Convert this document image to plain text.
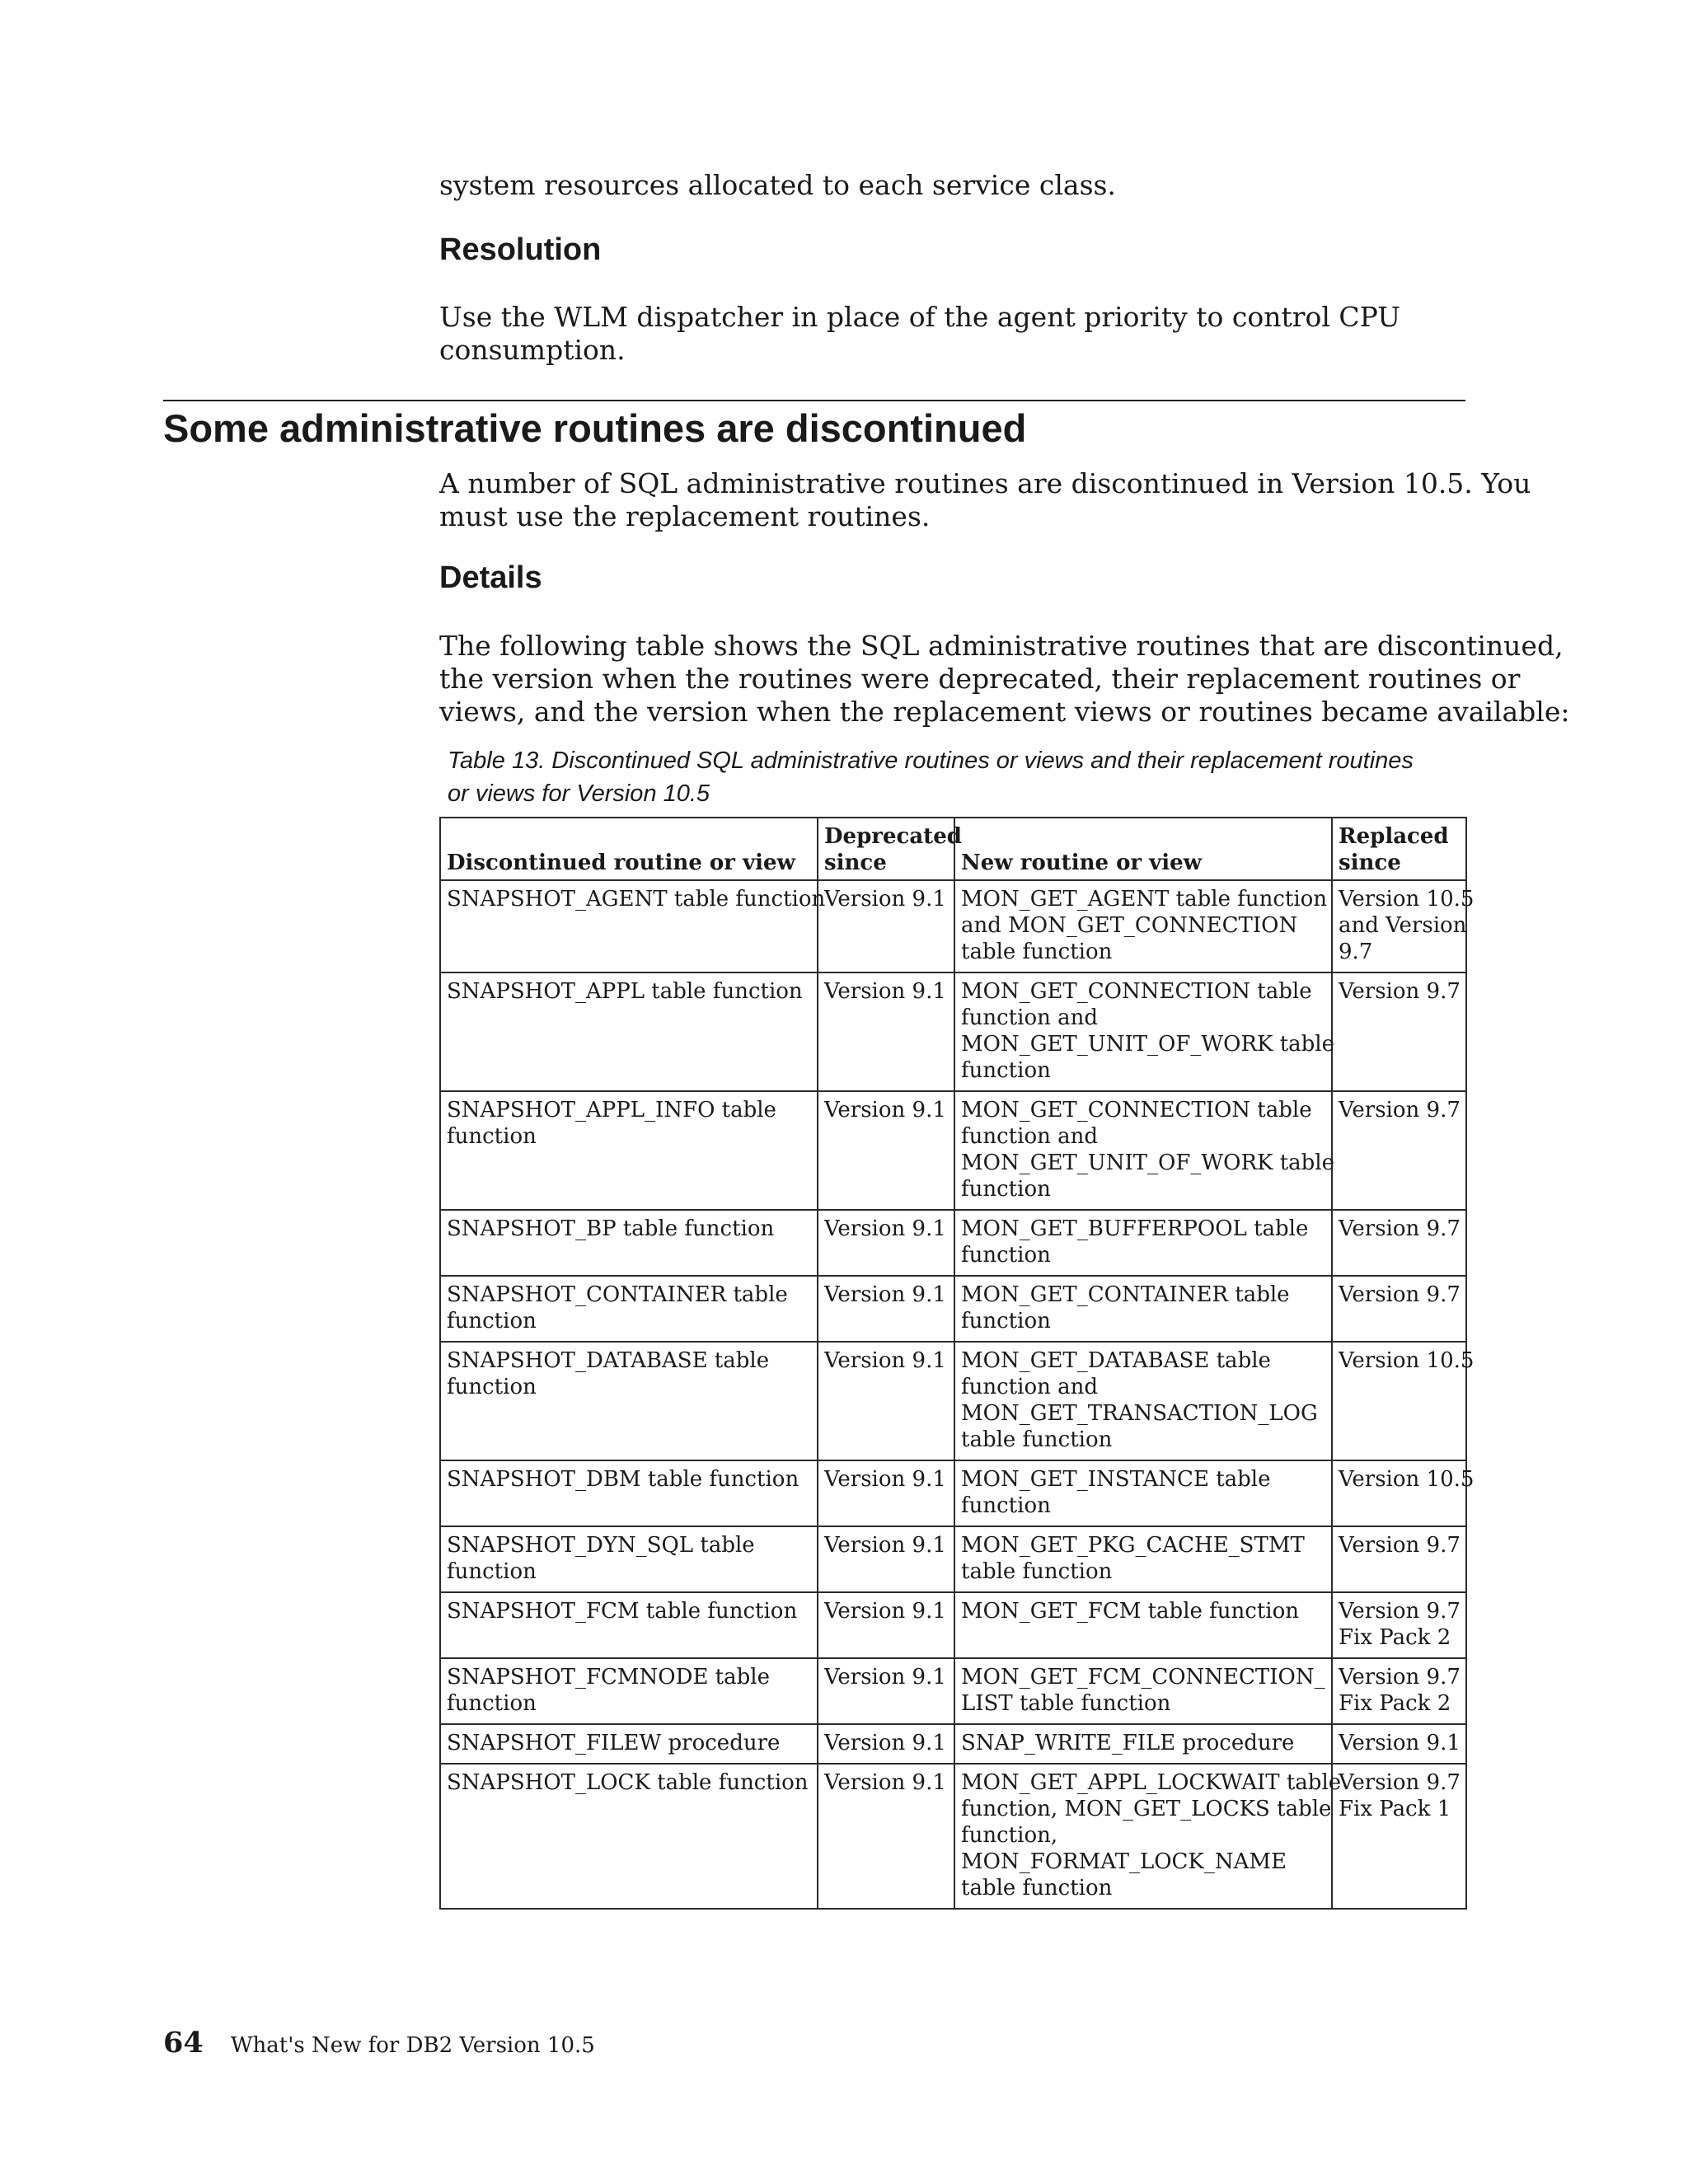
system resources allocated to each service class.

Resolution

Use the WLM dispatcher in place of the agent priority to control CPU
consumption.

Some administrative routines are discontinued

A number of SQL administrative routines are discontinued in Version 10.5. You
must use the replacement routines.

Details

The following table shows the SQL administrative routines that are discontinued,
the version when the routines were deprecated, their replacement routines or
views, and the version when the replacement views or routines became available:

Table 13. Discontinued SQL administrative routines or views and their replacement routines
or views for Version 10.5

Discontinued routine or view	Deprecated
since	New routine or view	Replaced
since

SNAPSHOT_AGENT table function	Version 9.1	MON_GET_AGENT table function
and MON_GET_CONNECTION
table function	Version 10.5
and Version
9.7

SNAPSHOT_APPL table function	Version 9.1	MON_GET_CONNECTION table
function and
MON_GET_UNIT_OF_WORK table
function	Version 9.7

SNAPSHOT_APPL_INFO table
function	Version 9.1	MON_GET_CONNECTION table
function and
MON_GET_UNIT_OF_WORK table
function	Version 9.7

SNAPSHOT_BP table function	Version 9.1	MON_GET_BUFFERPOOL table
function	Version 9.7

SNAPSHOT_CONTAINER table
function	Version 9.1	MON_GET_CONTAINER table
function	Version 9.7

SNAPSHOT_DATABASE table
function	Version 9.1	MON_GET_DATABASE table
function and
MON_GET_TRANSACTION_LOG
table function	Version 10.5

SNAPSHOT_DBM table function	Version 9.1	MON_GET_INSTANCE table
function	Version 10.5

SNAPSHOT_DYN_SQL table
function	Version 9.1	MON_GET_PKG_CACHE_STMT
table function	Version 9.7

SNAPSHOT_FCM table function	Version 9.1	MON_GET_FCM table function	Version 9.7
Fix Pack 2

SNAPSHOT_FCMNODE table
function	Version 9.1	MON_GET_FCM_CONNECTION_
LIST table function	Version 9.7
Fix Pack 2

SNAPSHOT_FILEW procedure	Version 9.1	SNAP_WRITE_FILE procedure	Version 9.1

SNAPSHOT_LOCK table function	Version 9.1	MON_GET_APPL_LOCKWAIT table
function, MON_GET_LOCKS table
function,
MON_FORMAT_LOCK_NAME
table function	Version 9.7
Fix Pack 1
64 What's New for DB2 Version 10.5
